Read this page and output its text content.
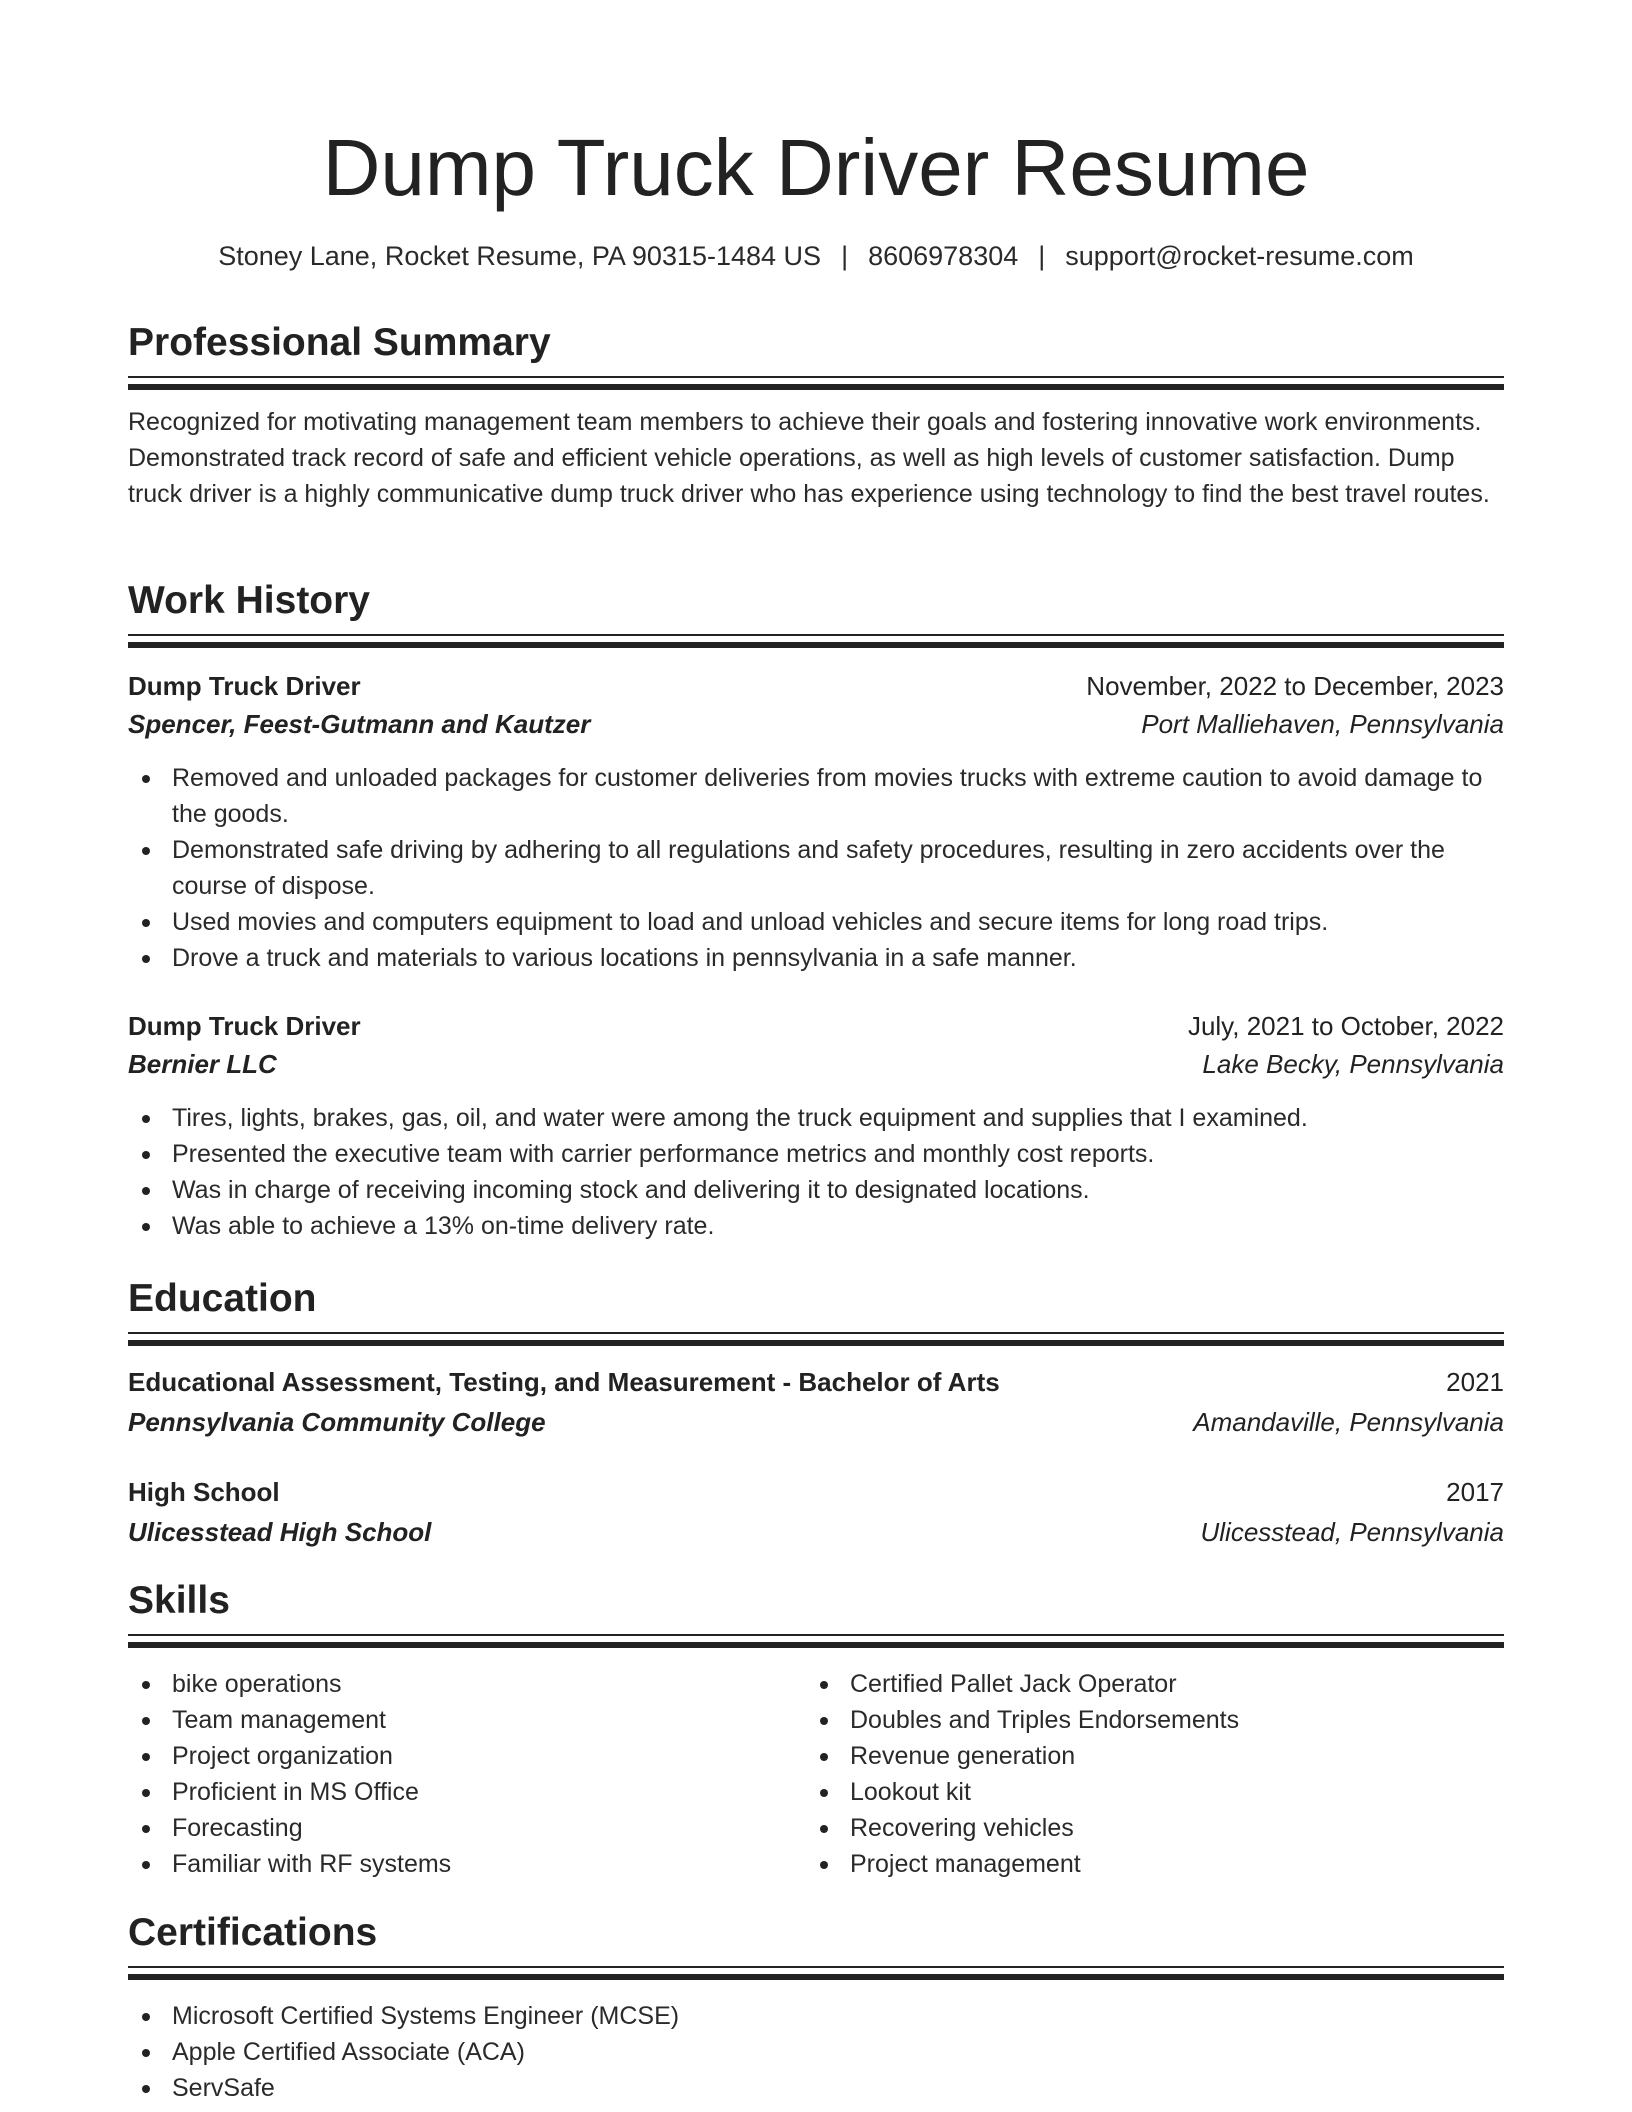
Dump Truck Driver Resume
Stoney Lane, Rocket Resume, PA 90315-1484 US | 8606978304 | support@rocket-resume.com
Professional Summary

Recognized for motivating management team members to achieve their goals and fostering innovative work environments. Demonstrated track record of safe and efficient vehicle operations, as well as high levels of customer satisfaction. Dump truck driver is a highly communicative dump truck driver who has experience using technology to find the best travel routes.

Work History
Dump Truck Driver	November, 2022 to December, 2023
Spencer, Feest-Gutmann and Kautzer	Port Malliehaven, Pennsylvania
Removed and unloaded packages for customer deliveries from movies trucks with extreme caution to avoid damage to the goods.
Demonstrated safe driving by adhering to all regulations and safety procedures, resulting in zero accidents over the course of dispose.
Used movies and computers equipment to load and unload vehicles and secure items for long road trips.
Drove a truck and materials to various locations in pennsylvania in a safe manner.
Dump Truck Driver	July, 2021 to October, 2022
Bernier LLC	Lake Becky, Pennsylvania
Tires, lights, brakes, gas, oil, and water were among the truck equipment and supplies that I examined.
Presented the executive team with carrier performance metrics and monthly cost reports.
Was in charge of receiving incoming stock and delivering it to designated locations.
Was able to achieve a 13% on-time delivery rate.
Education
Educational Assessment, Testing, and Measurement - Bachelor of Arts	2021
Pennsylvania Community College	Amandaville, Pennsylvania
High School	2017
Ulicesstead High School	Ulicesstead, Pennsylvania
Skills
bike operations
Team management
Project organization
Proficient in MS Office
Forecasting
Familiar with RF systems
Certified Pallet Jack Operator
Doubles and Triples Endorsements
Revenue generation
Lookout kit
Recovering vehicles
Project management
Certifications
Microsoft Certified Systems Engineer (MCSE)
Apple Certified Associate (ACA)
ServSafe
